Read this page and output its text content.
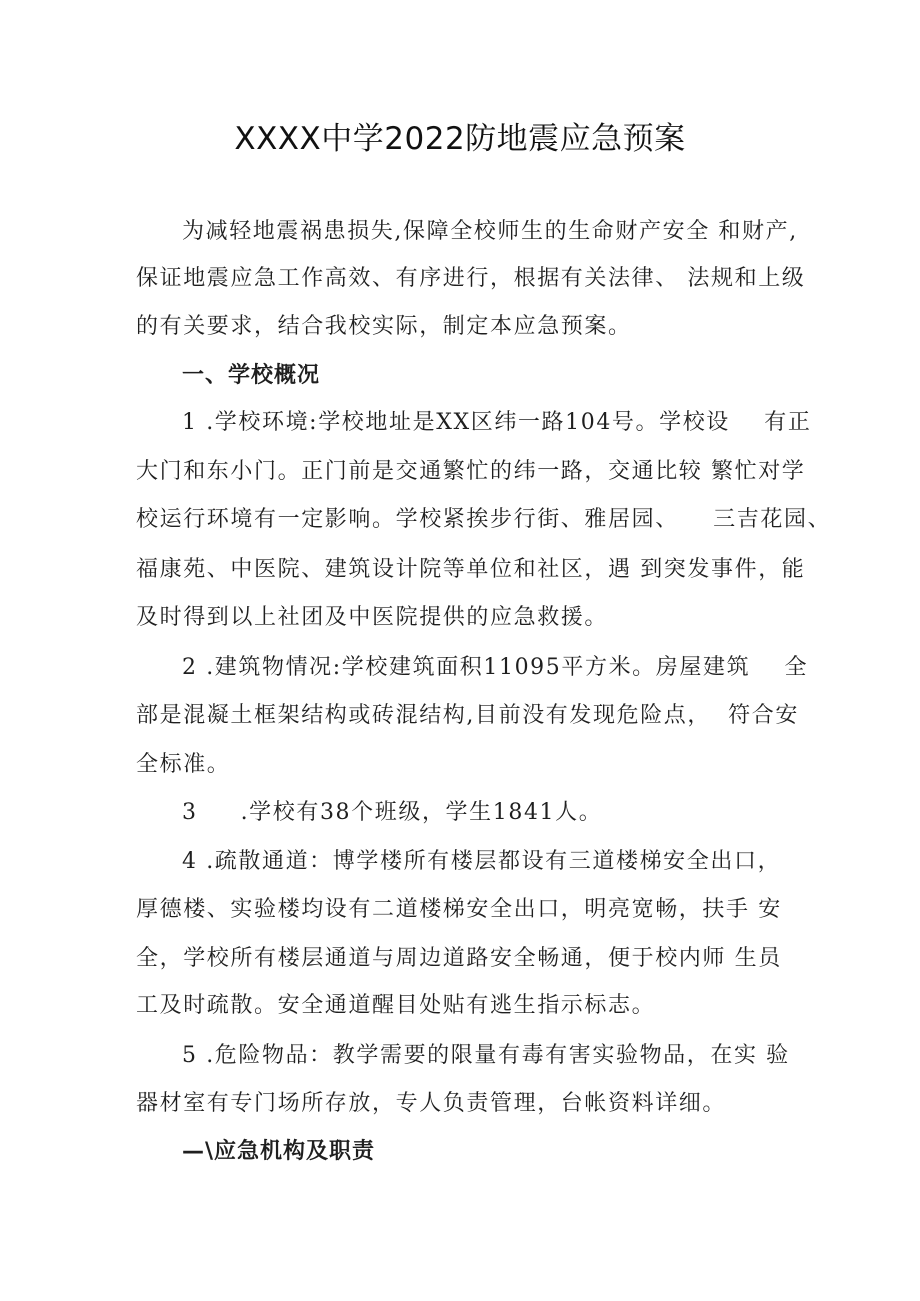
XXXX中学2022防地震应急预案
为减轻地震祸患损失,保障全校师生的生命财产安全 和财产,
保证地震应急工作高效、有序进行，根据有关法律、 法规和上级
的有关要求，结合我校实际，制定本应急预案。
一、学校概况
1 .学校环境:学校地址是XX区纬一路104号。学校设    有正
大门和东小门。正门前是交通繁忙的纬一路，交通比较 繁忙对学
校运行环境有一定影响。学校紧挨步行街、雅居园、    三吉花园、
福康苑、中医院、建筑设计院等单位和社区，遇 到突发事件，能
及时得到以上社团及中医院提供的应急救援。
2 .建筑物情况:学校建筑面积11095平方米。房屋建筑    全
部是混凝土框架结构或砖混结构,目前没有发现危险点，  符合安
全标准。
3     .学校有38个班级，学生1841人。
4 .疏散通道：博学楼所有楼层都设有三道楼梯安全出口，
厚德楼、实验楼均设有二道楼梯安全出口，明亮宽畅，扶手 安
全，学校所有楼层通道与周边道路安全畅通，便于校内师 生员
工及时疏散。安全通道醒目处贴有逃生指示标志。
5 .危险物品：教学需要的限量有毒有害实验物品，在实 验
器材室有专门场所存放，专人负责管理，台帐资料详细。
—\应急机构及职责
